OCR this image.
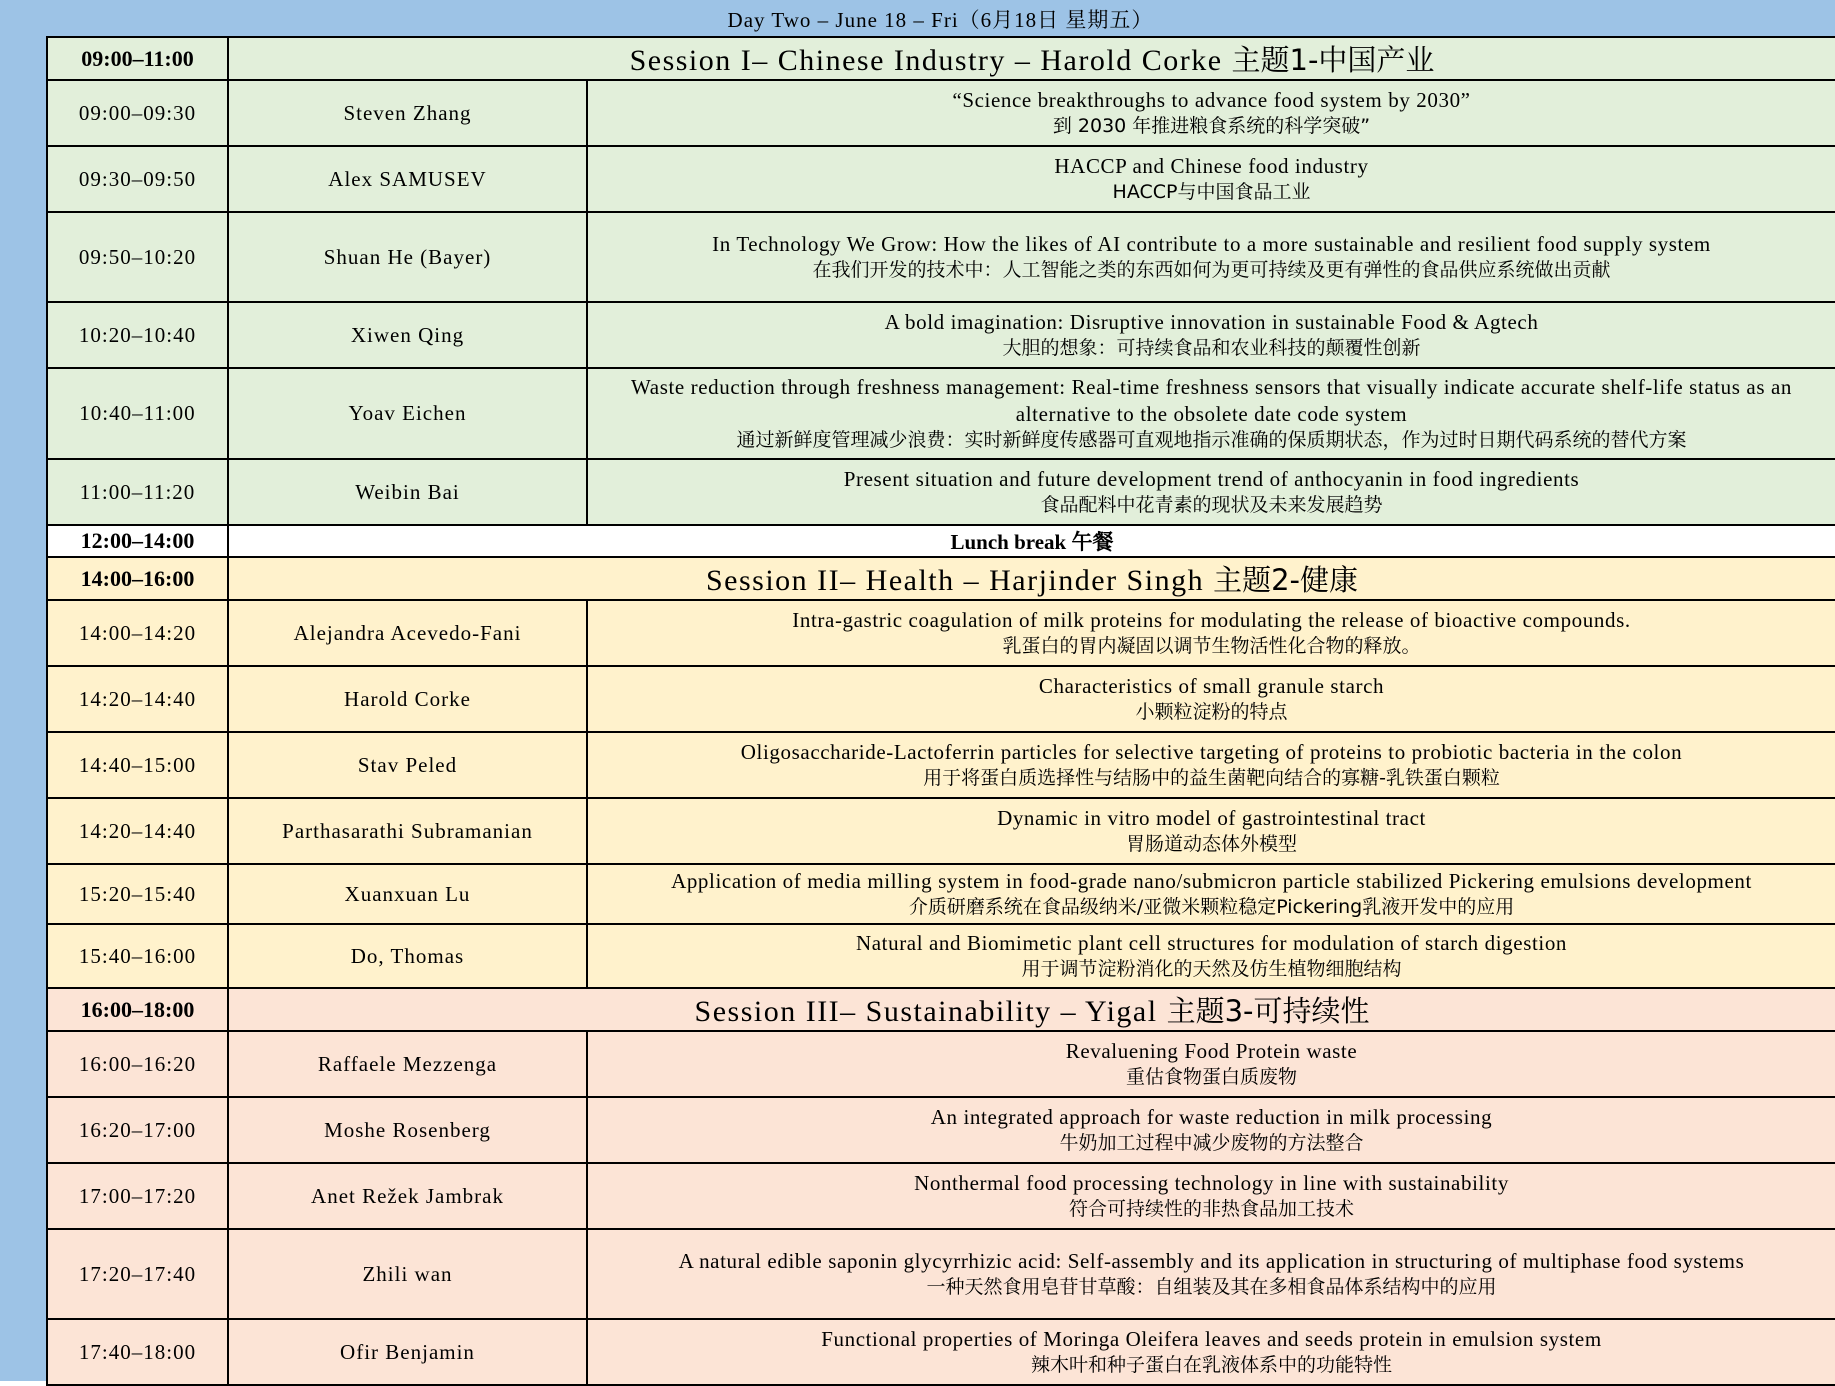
Day Two – June 18 – Fri（6月18日 星期五）
09:00–11:00	Session I– Chinese Industry – Harold Corke 主题1-中国产业	
09:00–09:30	Steven Zhang	“Science breakthroughs to advance food system by 2030”
到 2030 年推进粮食系统的科学突破”

09:30–09:50	Alex SAMUSEV	HACCP and Chinese food industry
HACCP与中国食品工业

09:50–10:20	Shuan He (Bayer)	In Technology We Grow: How the likes of AI contribute to a more sustainable and resilient food supply system
在我们开发的技术中：人工智能之类的东西如何为更可持续及更有弹性的食品供应系统做出贡献

10:20–10:40	Xiwen Qing	A bold imagination: Disruptive innovation in sustainable Food & Agtech
大胆的想象：可持续食品和农业科技的颠覆性创新

10:40–11:00	Yoav Eichen	Waste reduction through freshness management: Real-time freshness sensors that visually indicate accurate shelf-life status as an alternative to the obsolete date code system
通过新鲜度管理减少浪费：实时新鲜度传感器可直观地指示准确的保质期状态，作为过时日期代码系统的替代方案

11:00–11:20	Weibin Bai	Present situation and future development trend of anthocyanin in food ingredients
食品配料中花青素的现状及未来发展趋势

12:00–14:00	Lunch break 午餐	
14:00–16:00	Session II– Health – Harjinder Singh 主题2-健康	
14:00–14:20	Alejandra Acevedo-Fani	Intra-gastric coagulation of milk proteins for modulating the release of bioactive compounds.
乳蛋白的胃内凝固以调节生物活性化合物的释放。

14:20–14:40	Harold Corke	Characteristics of small granule starch
小颗粒淀粉的特点

14:40–15:00	Stav Peled	Oligosaccharide-Lactoferrin particles for selective targeting of proteins to probiotic bacteria in the colon
用于将蛋白质选择性与结肠中的益生菌靶向结合的寡糖-乳铁蛋白颗粒

14:20–14:40	Parthasarathi Subramanian	Dynamic in vitro model of gastrointestinal tract
胃肠道动态体外模型

15:20–15:40	Xuanxuan Lu	Application of media milling system in food-grade nano/submicron particle stabilized Pickering emulsions development
介质研磨系统在食品级纳米/亚微米颗粒稳定Pickering乳液开发中的应用

15:40–16:00	Do, Thomas	Natural and Biomimetic plant cell structures for modulation of starch digestion
用于调节淀粉消化的天然及仿生植物细胞结构

16:00–18:00	Session III– Sustainability – Yigal 主题3-可持续性	
16:00–16:20	Raffaele Mezzenga	Revaluening Food Protein waste
重估食物蛋白质废物

16:20–17:00	Moshe Rosenberg	An integrated approach for waste reduction in milk processing
牛奶加工过程中减少废物的方法整合

17:00–17:20	Anet Režek Jambrak	Nonthermal food processing technology in line with sustainability
符合可持续性的非热食品加工技术

17:20–17:40	Zhili wan	A natural edible saponin glycyrrhizic acid: Self-assembly and its application in structuring of multiphase food systems
一种天然食用皂苷甘草酸：自组装及其在多相食品体系结构中的应用

17:40–18:00	Ofir Benjamin	Functional properties of Moringa Oleifera leaves and seeds protein in emulsion system
辣木叶和种子蛋白在乳液体系中的功能特性
